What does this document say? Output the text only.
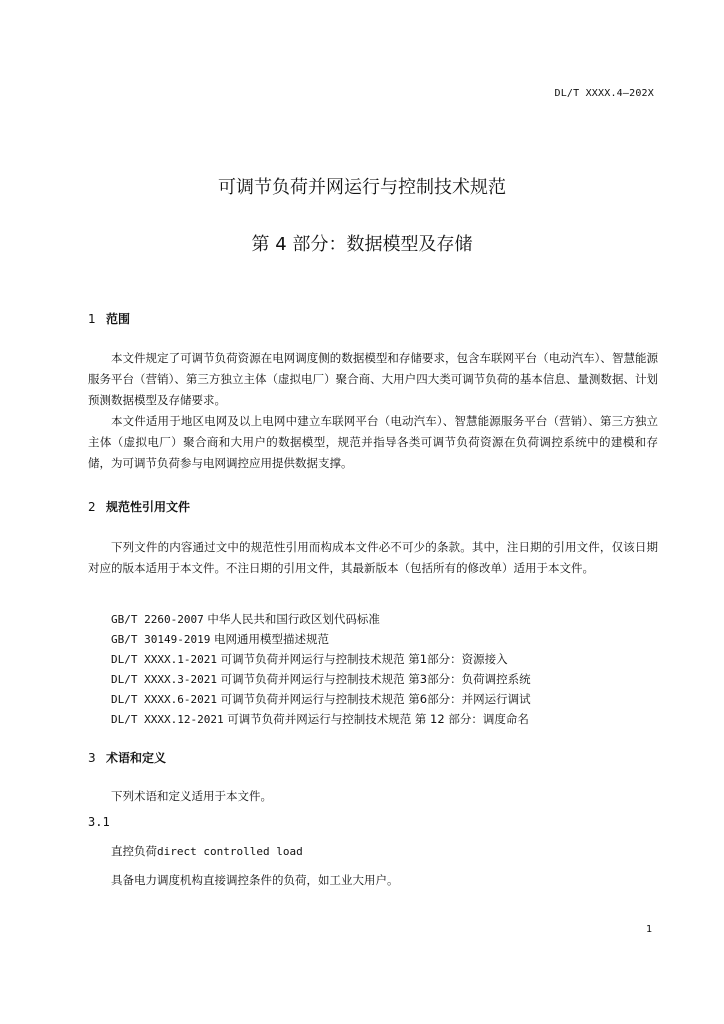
DL/T XXXX.4—202X
可调节负荷并网运行与控制技术规范
第 4 部分：数据模型及存储
1 范围

本文件规定了可调节负荷资源在电网调度侧的数据模型和存储要求，包含车联网平台（电动汽车）、智慧能源服务平台（营销）、第三方独立主体（虚拟电厂）聚合商、大用户四大类可调节负荷的基本信息、量测数据、计划预测数据模型及存储要求。

本文件适用于地区电网及以上电网中建立车联网平台（电动汽车）、智慧能源服务平台（营销）、第三方独立主体（虚拟电厂）聚合商和大用户的数据模型，规范并指导各类可调节负荷资源在负荷调控系统中的建模和存储，为可调节负荷参与电网调控应用提供数据支撑。

2 规范性引用文件

下列文件的内容通过文中的规范性引用而构成本文件必不可少的条款。其中，注日期的引用文件，仅该日期对应的版本适用于本文件。不注日期的引用文件，其最新版本（包括所有的修改单）适用于本文件。

GB/T 2260-2007 中华人民共和国行政区划代码标准
GB/T 30149-2019 电网通用模型描述规范
DL/T XXXX.1-2021 可调节负荷并网运行与控制技术规范 第1部分：资源接入
DL/T XXXX.3-2021 可调节负荷并网运行与控制技术规范 第3部分：负荷调控系统
DL/T XXXX.6-2021 可调节负荷并网运行与控制技术规范 第6部分：并网运行调试
DL/T XXXX.12-2021 可调节负荷并网运行与控制技术规范 第 12 部分：调度命名
3 术语和定义
下列术语和定义适用于本文件。
3.1
直控负荷direct controlled load
具备电力调度机构直接调控条件的负荷，如工业大用户。
1
